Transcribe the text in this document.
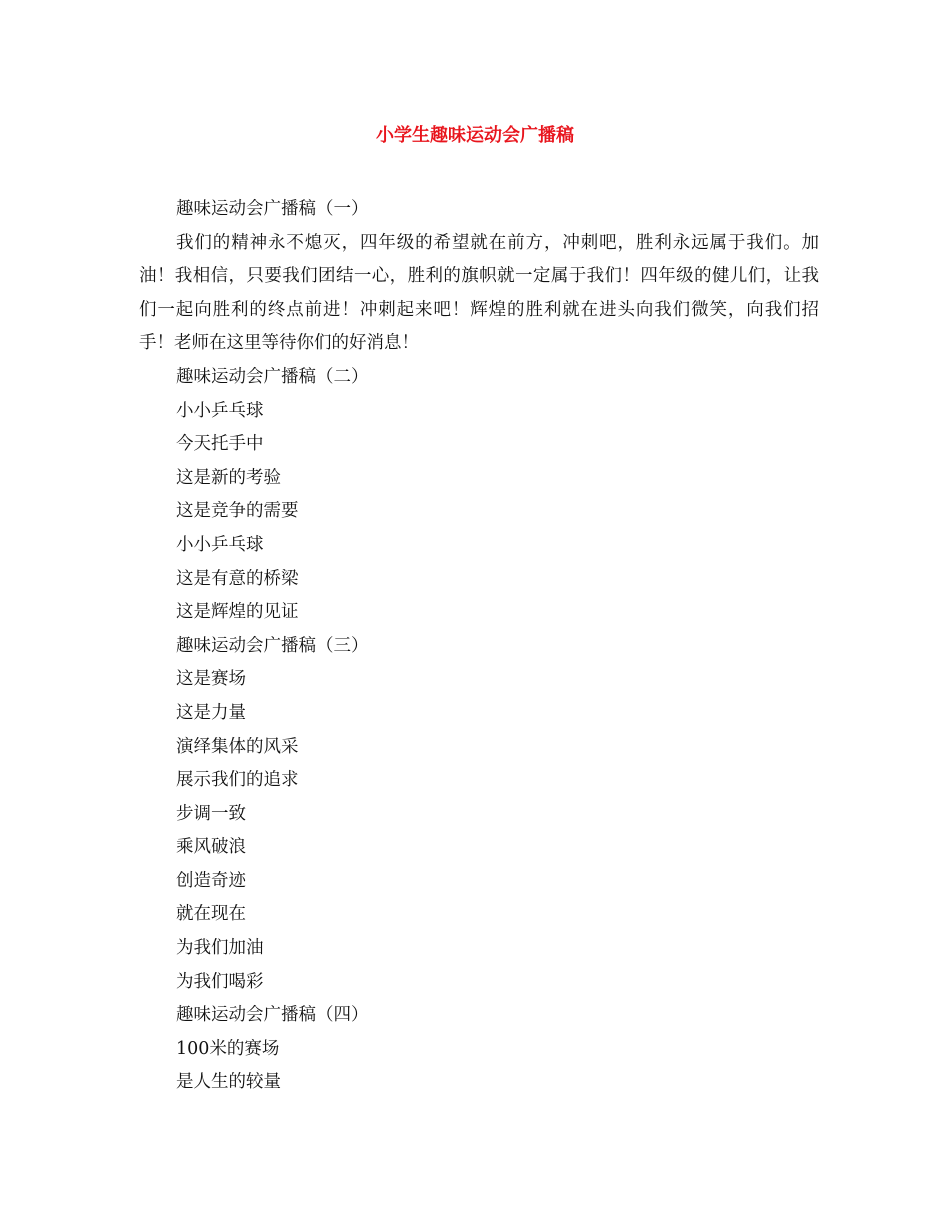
小学生趣味运动会广播稿
趣味运动会广播稿（一）

我们的精神永不熄灭，四年级的希望就在前方，冲刺吧，胜利永远属于我们。加油！我相信，只要我们团结一心，胜利的旗帜就一定属于我们！四年级的健儿们，让我们一起向胜利的终点前进！冲刺起来吧！辉煌的胜利就在进头向我们微笑，向我们招手！老师在这里等待你们的好消息！

趣味运动会广播稿（二）
小小乒乓球
今天托手中
这是新的考验
这是竞争的需要
小小乒乓球
这是有意的桥梁
这是辉煌的见证
趣味运动会广播稿（三）
这是赛场
这是力量
演绎集体的风采
展示我们的追求
步调一致
乘风破浪
创造奇迹
就在现在
为我们加油
为我们喝彩
趣味运动会广播稿（四）
100米的赛场
是人生的较量
